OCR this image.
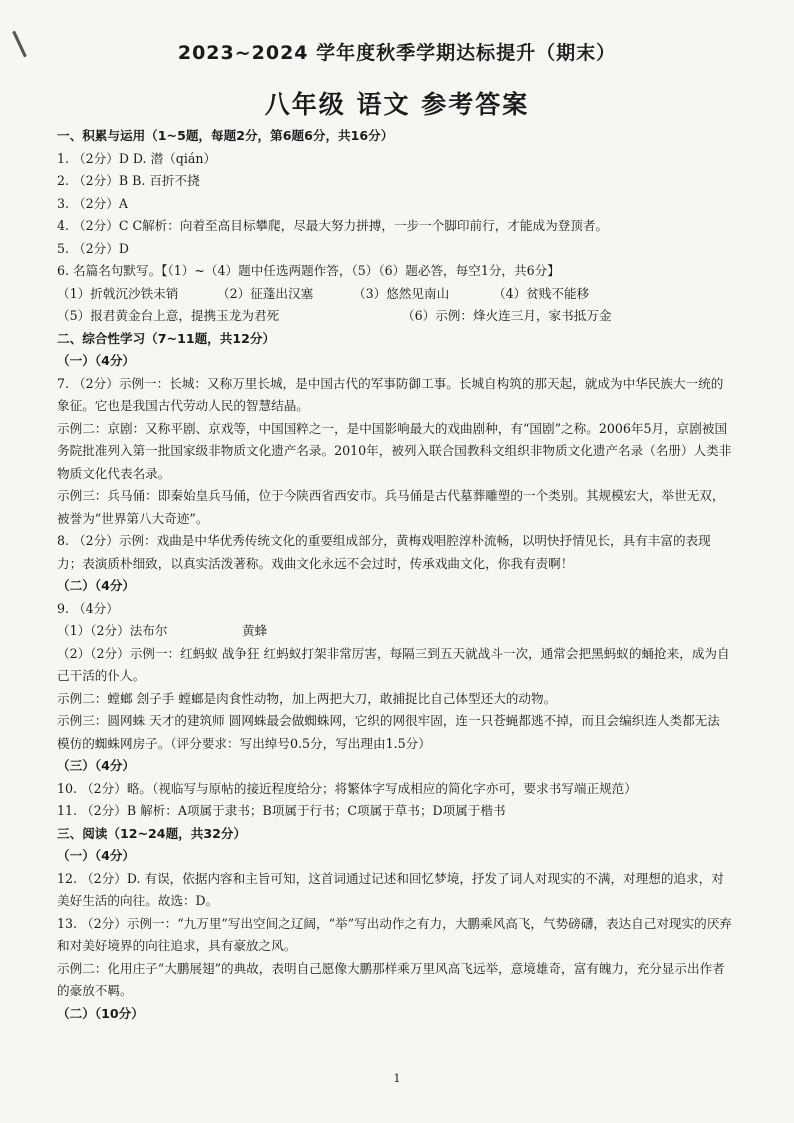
2023~2024 学年度秋季学期达标提升（期末）
八年级 语文 参考答案
一、积累与运用（1~5题，每题2分，第6题6分，共16分）
1. （2分）D D. 潜（qián）
2. （2分）B B. 百折不挠
3. （2分）A
4. （2分）C C解析：向着至高目标攀爬，尽最大努力拼搏，一步一个脚印前行，才能成为登顶者。
5. （2分）D
6. 名篇名句默写。【（1）~（4）题中任选两题作答，（5）（6）题必答，每空1分，共6分】
（1）折戟沉沙铁未销	（2）征蓬出汉塞	（3）悠然见南山	（4）贫贱不能移
（5）报君黄金台上意，提携玉龙为君死	（6）示例：烽火连三月，家书抵万金
二、综合性学习（7~11题，共12分）
（一）（4分）
7. （2分）示例一：长城：又称万里长城，是中国古代的军事防御工事。长城自构筑的那天起，就成为中华民族大一统的象征。它也是我国古代劳动人民的智慧结晶。
示例二：京剧：又称平剧、京戏等，中国国粹之一，是中国影响最大的戏曲剧种，有“国剧”之称。2006年5月，京剧被国务院批准列入第一批国家级非物质文化遗产名录。2010年，被列入联合国教科文组织非物质文化遗产名录（名册）人类非物质文化代表名录。
示例三：兵马俑：即秦始皇兵马俑，位于今陕西省西安市。兵马俑是古代墓葬雕塑的一个类别。其规模宏大，举世无双，被誉为“世界第八大奇迹”。
8. （2分）示例：戏曲是中华优秀传统文化的重要组成部分，黄梅戏唱腔淳朴流畅，以明快抒情见长，具有丰富的表现力；表演质朴细致，以真实活泼著称。戏曲文化永远不会过时，传承戏曲文化，你我有责啊！
（二）（4分）
9. （4分）
（1）（2分）法布尔	黄蜂
（2）（2分）示例一：红蚂蚁 战争狂 红蚂蚁打架非常厉害，每隔三到五天就战斗一次，通常会把黑蚂蚁的蛹抢来，成为自己干活的仆人。
示例二：螳螂 刽子手 螳螂是肉食性动物，加上两把大刀，敢捕捉比自己体型还大的动物。
示例三：圆网蛛 天才的建筑师 圆网蛛最会做蜘蛛网，它织的网很牢固，连一只苍蝇都逃不掉，而且会编织连人类都无法模仿的蜘蛛网房子。（评分要求：写出绰号0.5分，写出理由1.5分）
（三）（4分）
10. （2分）略。（视临写与原帖的接近程度给分；将繁体字写成相应的简化字亦可，要求书写端正规范）
11. （2分）B 解析：A项属于隶书；B项属于行书；C项属于草书；D项属于楷书
三、阅读（12~24题，共32分）
（一）（4分）
12. （2分）D. 有误，依据内容和主旨可知，这首词通过记述和回忆梦境，抒发了词人对现实的不满，对理想的追求，对美好生活的向往。故选：D。
13. （2分）示例一：“九万里”写出空间之辽阔，“举”写出动作之有力，大鹏乘风高飞，气势磅礴，表达自己对现实的厌弃和对美好境界的向往追求，具有豪放之风。
示例二：化用庄子“大鹏展翅”的典故，表明自己愿像大鹏那样乘万里风高飞远举，意境雄奇，富有魄力，充分显示出作者的豪放不羁。
（二）（10分）
1
